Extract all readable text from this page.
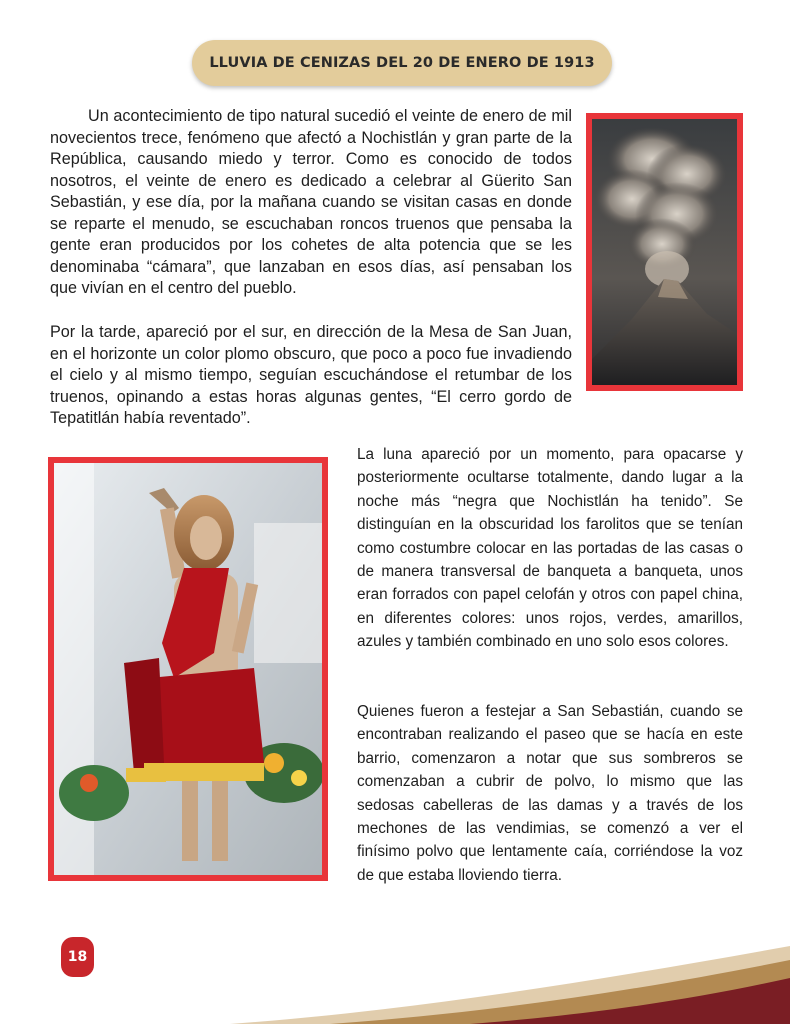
LLUVIA DE CENIZAS DEL 20 DE ENERO DE 1913

Un acontecimiento de tipo natural sucedió el veinte de enero de mil novecientos trece, fenómeno que afectó a Nochistlán y gran parte de la República, causando miedo y terror. Como es conocido de todos nosotros, el veinte de enero es dedicado a celebrar al Güerito San Sebastián, y ese día, por la mañana cuando se visitan casas en donde se reparte el menudo, se escuchaban roncos truenos que pensaba la gente eran producidos por los cohetes de alta potencia que se les denominaba “cámara”, que lanzaban en esos días, así pensaban los que vivían en el centro del pueblo.

Por la tarde, apareció por el sur, en dirección de la Mesa de San Juan, en el horizonte un color plomo obscuro, que poco a poco fue invadiendo el cielo y al mismo tiempo, seguían escuchándose el retumbar de los truenos, opinando a estas horas algunas gentes, “El cerro gordo de Tepatitlán había reventado”.

La luna apareció por un momento, para opacarse y posteriormente ocultarse totalmente, dando lugar a la noche más “negra que Nochistlán ha tenido”. Se distinguían en la obscuridad los farolitos que se tenían como costumbre colocar en las portadas de las casas o de manera transversal de banqueta a banqueta, unos eran forrados con papel celofán y otros con papel china, en diferentes colores: unos rojos, verdes, amarillos, azules y también combinado en uno solo esos colores.

Quienes fueron a festejar a San Sebastián, cuando se encontraban realizando el paseo que se hacía en este barrio, comenzaron a notar que sus sombreros se comenzaban a cubrir de polvo, lo mismo que las sedosas cabelleras de las damas y a través de los mechones de las vendimias, se comenzó a ver el finísimo polvo que lentamente caía, corriéndose la voz de que estaba lloviendo tierra.

18
